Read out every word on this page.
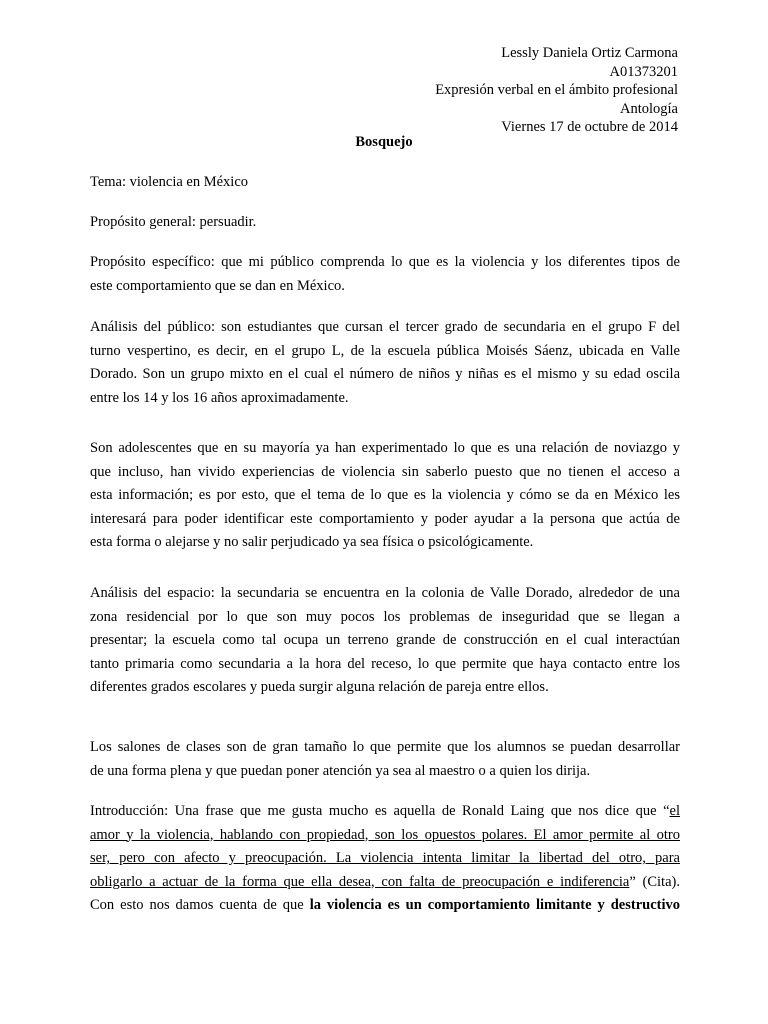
Lessly Daniela Ortiz Carmona
A01373201
Expresión verbal en el ámbito profesional
Antología
Viernes 17 de octubre de 2014
Bosquejo

Tema: violencia en México

Propósito general: persuadir.

Propósito específico: que mi público comprenda lo que es la violencia y los diferentes tipos de
este comportamiento que se dan en México.

Análisis del público: son estudiantes que cursan el tercer grado de secundaria en el grupo F del
turno vespertino, es decir, en el grupo L, de la escuela pública Moisés Sáenz, ubicada en Valle
Dorado. Son un grupo mixto en el cual el número de niños y niñas es el mismo y su edad oscila
entre los 14 y los 16 años aproximadamente.

Son adolescentes que en su mayoría ya han experimentado lo que es una relación de noviazgo y
que incluso, han vivido experiencias de violencia sin saberlo puesto que no tienen el acceso a
esta información; es por esto, que el tema de lo que es la violencia y cómo se da en México les
interesará para poder identificar este comportamiento y poder ayudar a la persona que actúa de
esta forma o alejarse y no salir perjudicado ya sea física o psicológicamente.

Análisis del espacio: la secundaria se encuentra en la colonia de Valle Dorado, alrededor de una
zona residencial por lo que son muy pocos los problemas de inseguridad que se llegan a
presentar; la escuela como tal ocupa un terreno grande de construcción en el cual interactúan
tanto primaria como secundaria a la hora del receso, lo que permite que haya contacto entre los
diferentes grados escolares y pueda surgir alguna relación de pareja entre ellos.

Los salones de clases son de gran tamaño lo que permite que los alumnos se puedan desarrollar
de una forma plena y que puedan poner atención ya sea al maestro o a quien los dirija.

Introducción: Una frase que me gusta mucho es aquella de Ronald Laing que nos dice que “el
amor y la violencia, hablando con propiedad, son los opuestos polares. El amor permite al otro
ser, pero con afecto y preocupación. La violencia intenta limitar la libertad del otro, para
obligarlo a actuar de la forma que ella desea, con falta de preocupación e indiferencia” (Cita).
Con esto nos damos cuenta de que la violencia es un comportamiento limitante y destructivo
